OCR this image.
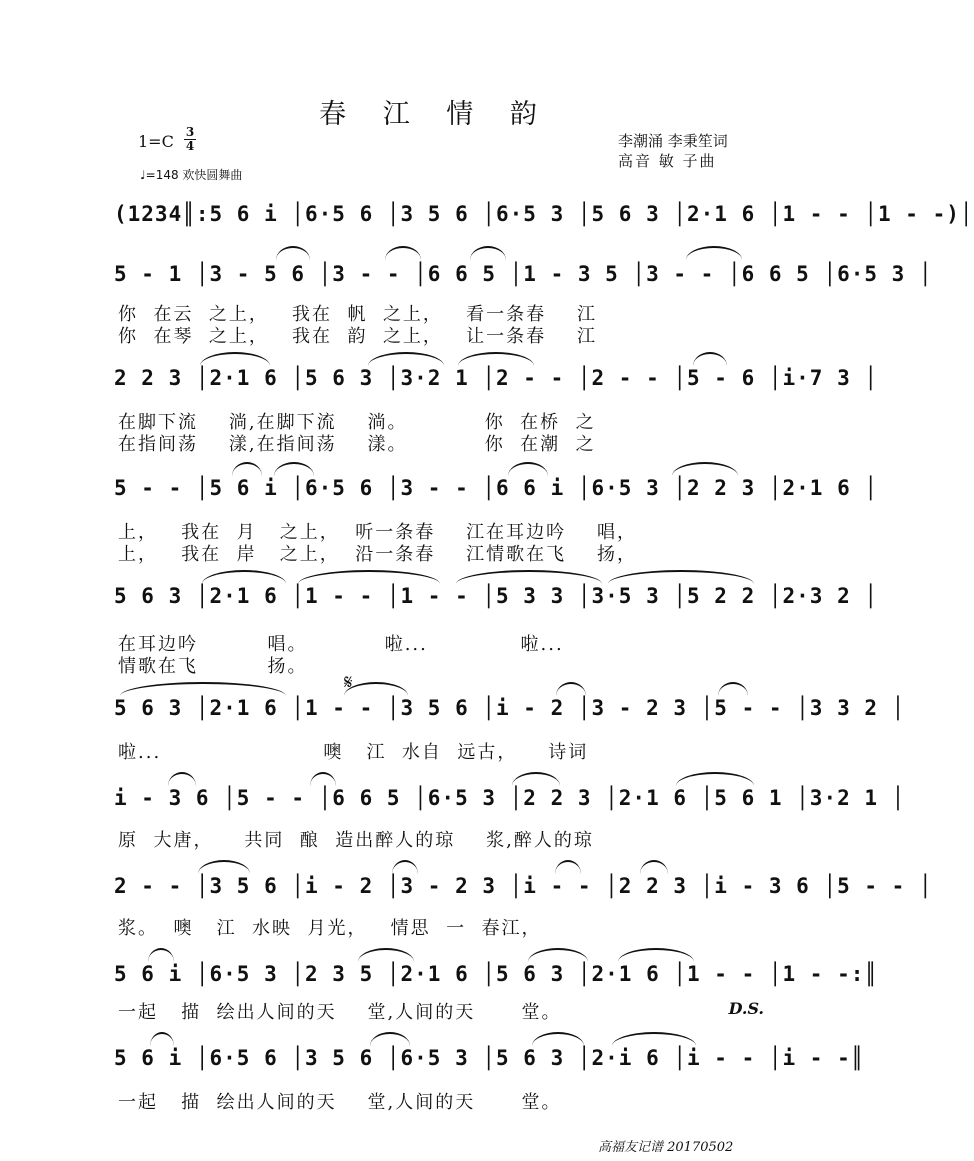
春 江 情 韵
1=C 3
4
♩=148 欢快圆舞曲
李潮涌 李秉笙词
高音 敏 子曲
(1234║:5 6 i │6·5 6 │3 5 6 │6·5 3 │5 6 3 │2·1 6 │1 - - │1 - -)│
5 - 1 │3 - 5 6 │3 - - │6 6 5 │1 - 3 5 │3 - - │6 6 5 │6·5 3 │
你  在云  之上，   我在  帆  之上，   看一条春    江
你  在琴  之上，   我在  韵  之上，   让一条春    江
2 2 3 │2·1 6 │5 6 3 │3·2 1 │2 - - │2 - - │5 - 6 │i·7 3 │
在脚下流    淌,在脚下流    淌。          你  在桥  之
在指间荡    漾,在指间荡    漾。          你  在潮  之
5 - - │5 6 i │6·5 6 │3 - - │6 6 i │6·5 3 │2 2 3 │2·1 6 │
上，   我在  月   之上，  听一条春    江在耳边吟    唱，
上，   我在  岸   之上，  沿一条春    江情歌在飞    扬，
5 6 3 │2·1 6 │1 - - │1 - - │5 3 3 │3·5 3 │5 2 2 │2·3 2 │
在耳边吟         唱。          啦...            啦...
情歌在飞         扬。
𝄋
5 6 3 │2·1 6 │1 - - │3 5 6 │i - 2 │3 - 2 3 │5 - - │3 3 2 │
啦...                     噢   江  水自  远古，    诗词
i - 3 6 │5 - - │6 6 5 │6·5 3 │2 2 3 │2·1 6 │5 6 1 │3·2 1 │
原  大唐，    共同  酿  造出醉人的琼    浆,醉人的琼
2 - - │3 5 6 │i - 2 │3 - 2 3 │i - - │2 2 3 │i - 3 6 │5 - - │
浆。  噢   江  水映  月光，   情思  一  春江，
5 6 i │6·5 3 │2 3 5 │2·1 6 │5 6 3 │2·1 6 │1 - - │1 - -:║
一起   描  绘出人间的天    堂,人间的天      堂。	D.S.
5 6 i │6·5 6 │3 5 6 │6·5 3 │5 6 3 │2·i 6 │i - - │i - -║
一起   描  绘出人间的天    堂,人间的天      堂。
高福友记谱 20170502
